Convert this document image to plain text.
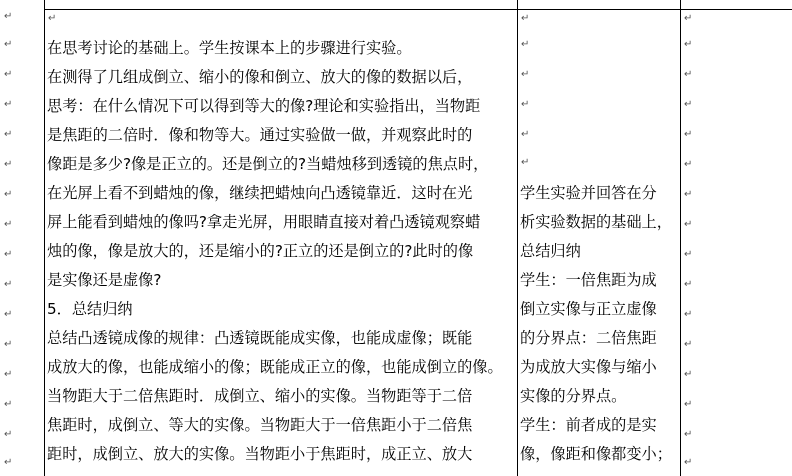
↵
↵
↵
↵
↵
↵
↵
↵
↵
↵
↵
↵
↵
↵
↵
↵
↵	↵	↵
↵
↵
↵
↵
↵
↵
↵
↵
↵
↵
↵
↵
↵
↵
↵
↵
↵
↵
↵
↵
在思考讨论的基础上。学生按课本上的步骤进行实验。
在测得了几组成倒立、缩小的像和倒立、放大的像的数据以后，
思考：在什么情况下可以得到等大的像?理论和实验指出，当物距
是焦距的二倍时．像和物等大。通过实验做一做，并观察此时的
像距是多少?像是正立的。还是倒立的?当蜡烛移到透镜的焦点时，
在光屏上看不到蜡烛的像，继续把蜡烛向凸透镜靠近．这时在光
屏上能看到蜡烛的像吗?拿走光屏，用眼睛直接对着凸透镜观察蜡
烛的像，像是放大的，还是缩小的?正立的还是倒立的?此时的像
是实像还是虚像?
5．总结归纳
总结凸透镜成像的规律：凸透镜既能成实像，也能成虚像；既能
成放大的像，也能成缩小的像；既能成正立的像，也能成倒立的像。
当物距大于二倍焦距时．成倒立、缩小的实像。当物距等于二倍
焦距时，成倒立、等大的实像。当物距大于一倍焦距小于二倍焦
距时，成倒立、放大的实像。当物距小于焦距时，成正立、放大
学生实验并回答在分
析实验数据的基础上，
总结归纳
学生：一倍焦距为成
倒立实像与正立虚像
的分界点：二倍焦距
为成放大实像与缩小
实像的分界点。
学生：前者成的是实
像，像距和像都变小；
